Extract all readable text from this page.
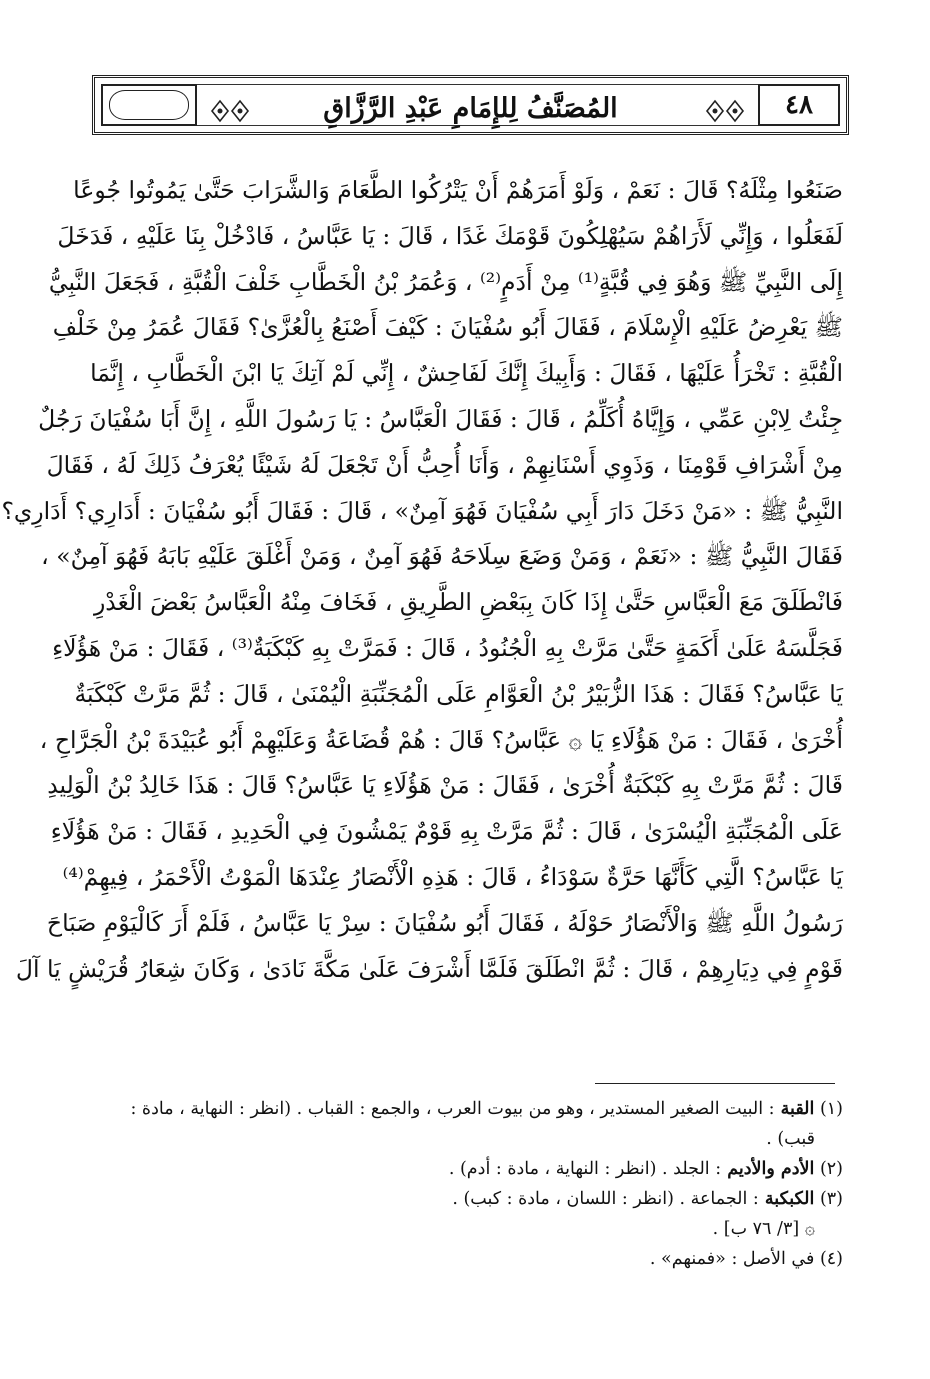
المُصَنَّفُ لِلإِمَامِ عَبْدِ الرَّزَّاقِ	٤٨
صَنَعُوا مِثْلَهُ؟ قَالَ : نَعَمْ ، وَلَوْ أَمَرَهُمْ أَنْ يَتْرُكُوا الطَّعَامَ وَالشَّرَابَ حَتَّىٰ يَمُوتُوا جُوعًا
لَفَعَلُوا ، وَإِنِّي لَأَرَاهُمْ سَيُهْلِكُونَ قَوْمَكَ غَدًا ، قَالَ : يَا عَبَّاسُ ، فَادْخُلْ بِنَا عَلَيْهِ ، فَدَخَلَ
إِلَى النَّبِيِّ ﷺ وَهُوَ فِي قُبَّةٍ⁽¹⁾ مِنْ أَدَمٍ⁽²⁾ ، وَعُمَرُ بْنُ الْخَطَّابِ خَلْفَ الْقُبَّةِ ، فَجَعَلَ النَّبِيُّ
ﷺ يَعْرِضُ عَلَيْهِ الْإِسْلَامَ ، فَقَالَ أَبُو سُفْيَانَ : كَيْفَ أَصْنَعُ بِالْعُزَّىٰ؟ فَقَالَ عُمَرُ مِنْ خَلْفِ
الْقُبَّةِ : تَخْرَأُ عَلَيْهَا ، فَقَالَ : وَأَبِيكَ إِنَّكَ لَفَاحِشٌ ، إِنِّي لَمْ آتِكَ يَا ابْنَ الْخَطَّابِ ، إِنَّمَا
جِئْتُ لِابْنِ عَمِّي ، وَإِيَّاهُ أُكَلِّمُ ، قَالَ : فَقَالَ الْعَبَّاسُ : يَا رَسُولَ اللَّهِ ، إِنَّ أَبَا سُفْيَانَ رَجُلٌ
مِنْ أَشْرَافِ قَوْمِنَا ، وَذَوِي أَسْنَانِهِمْ ، وَأَنَا أُحِبُّ أَنْ تَجْعَلَ لَهُ شَيْئًا يُعْرَفُ ذَلِكَ لَهُ ، فَقَالَ
النَّبِيُّ ﷺ : «مَنْ دَخَلَ دَارَ أَبِي سُفْيَانَ فَهُوَ آمِنٌ» ، قَالَ : فَقَالَ أَبُو سُفْيَانَ : أَدَارِي؟ أَدَارِي؟
فَقَالَ النَّبِيُّ ﷺ : «نَعَمْ ، وَمَنْ وَضَعَ سِلَاحَهُ فَهُوَ آمِنٌ ، وَمَنْ أَغْلَقَ عَلَيْهِ بَابَهُ فَهُوَ آمِنٌ» ،
فَانْطَلَقَ مَعَ الْعَبَّاسِ حَتَّىٰ إِذَا كَانَ بِبَعْضِ الطَّرِيقِ ، فَخَافَ مِنْهُ الْعَبَّاسُ بَعْضَ الْغَدْرِ
فَجَلَّسَهُ عَلَىٰ أَكَمَةٍ حَتَّىٰ مَرَّتْ بِهِ الْجُنُودُ ، قَالَ : فَمَرَّتْ بِهِ كَبْكَبَةٌ⁽³⁾ ، فَقَالَ : مَنْ هَؤُلَاءِ
يَا عَبَّاسُ؟ فَقَالَ : هَذَا الزُّبَيْرُ بْنُ الْعَوَّامِ عَلَى الْمُجَنِّبَةِ الْيُمْنَىٰ ، قَالَ : ثُمَّ مَرَّتْ كَبْكَبَةٌ
أُخْرَىٰ ، فَقَالَ : مَنْ هَؤُلَاءِ يَا ۞ عَبَّاسُ؟ قَالَ : هُمْ قُضَاعَةُ وَعَلَيْهِمْ أَبُو عُبَيْدَةَ بْنُ الْجَرَّاحِ ،
قَالَ : ثُمَّ مَرَّتْ بِهِ كَبْكَبَةٌ أُخْرَىٰ ، فَقَالَ : مَنْ هَؤُلَاءِ يَا عَبَّاسُ؟ قَالَ : هَذَا خَالِدُ بْنُ الْوَلِيدِ
عَلَى الْمُجَنِّبَةِ الْيُسْرَىٰ ، قَالَ : ثُمَّ مَرَّتْ بِهِ قَوْمٌ يَمْشُونَ فِي الْحَدِيدِ ، فَقَالَ : مَنْ هَؤُلَاءِ
يَا عَبَّاسُ؟ الَّتِي كَأَنَّهَا حَرَّةٌ سَوْدَاءُ ، قَالَ : هَذِهِ الْأَنْصَارُ عِنْدَهَا الْمَوْتُ الْأَحْمَرُ ، فِيهِمْ⁽⁴⁾
رَسُولُ اللَّهِ ﷺ وَالْأَنْصَارُ حَوْلَهُ ، فَقَالَ أَبُو سُفْيَانَ : سِرْ يَا عَبَّاسُ ، فَلَمْ أَرَ كَالْيَوْمِ صَبَاحَ
قَوْمٍ فِي دِيَارِهِمْ ، قَالَ : ثُمَّ انْطَلَقَ فَلَمَّا أَشْرَفَ عَلَىٰ مَكَّةَ نَادَىٰ ، وَكَانَ شِعَارُ قُرَيْشٍ يَا آلَ
(١) القبة : البيت الصغير المستدير ، وهو من بيوت العرب ، والجمع : القباب . (انظر : النهاية ، مادة :
قبب) .
(٢) الأدم والأديم : الجلد . (انظر : النهاية ، مادة : أدم) .
(٣) الكبكبة : الجماعة . (انظر : اللسان ، مادة : كبب) .
۞ [٣/ ٧٦ ب] .
(٤) في الأصل : «فمنهم» .
